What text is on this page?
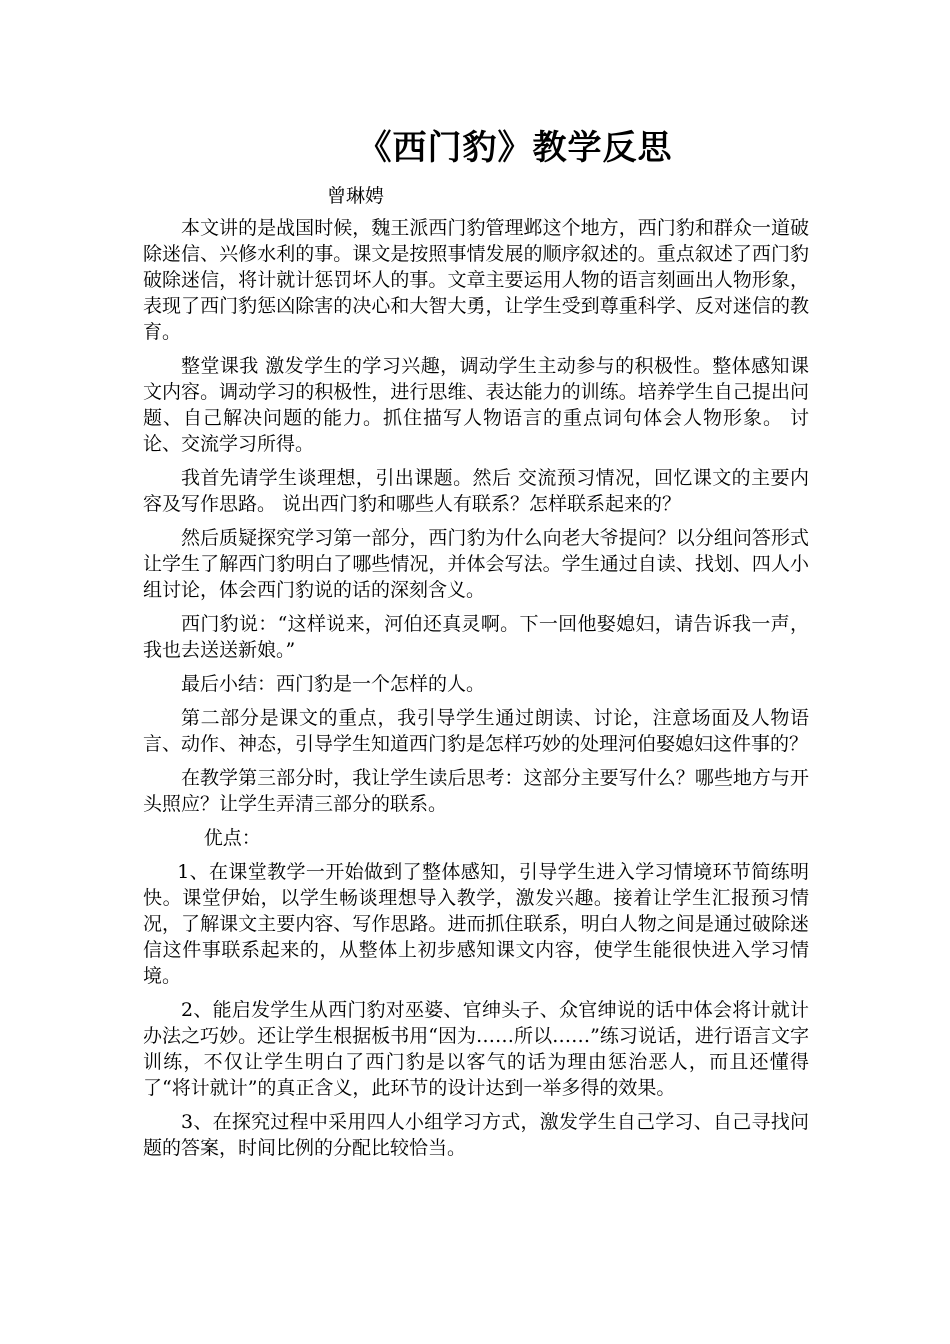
《西门豹》教学反思
曾琳娉

本文讲的是战国时候，魏王派西门豹管理邺这个地方，西门豹和群众一道破除迷信、兴修水利的事。课文是按照事情发展的顺序叙述的。重点叙述了西门豹破除迷信，将计就计惩罚坏人的事。文章主要运用人物的语言刻画出人物形象，表现了西门豹惩凶除害的决心和大智大勇，让学生受到尊重科学、反对迷信的教育。

整堂课我 激发学生的学习兴趣，调动学生主动参与的积极性。整体感知课文内容。调动学习的积极性，进行思维、表达能力的训练。培养学生自己提出问题、自己解决问题的能力。抓住描写人物语言的重点词句体会人物形象。 讨论、交流学习所得。

我首先请学生谈理想，引出课题。然后 交流预习情况，回忆课文的主要内容及写作思路。 说出西门豹和哪些人有联系？怎样联系起来的？

然后质疑探究学习第一部分，西门豹为什么向老大爷提问？以分组问答形式让学生了解西门豹明白了哪些情况，并体会写法。学生通过自读、找划、四人小组讨论，体会西门豹说的话的深刻含义。

西门豹说：“这样说来，河伯还真灵啊。下一回他娶媳妇，请告诉我一声，我也去送送新娘。”

最后小结：西门豹是一个怎样的人。

第二部分是课文的重点，我引导学生通过朗读、讨论，注意场面及人物语言、动作、神态，引导学生知道西门豹是怎样巧妙的处理河伯娶媳妇这件事的？

在教学第三部分时，我让学生读后思考：这部分主要写什么？哪些地方与开头照应？让学生弄清三部分的联系。

优点：

1、在课堂教学一开始做到了整体感知，引导学生进入学习情境环节简练明快。课堂伊始，以学生畅谈理想导入教学，激发兴趣。接着让学生汇报预习情况，了解课文主要内容、写作思路。进而抓住联系，明白人物之间是通过破除迷信这件事联系起来的，从整体上初步感知课文内容，使学生能很快进入学习情境。

2、能启发学生从西门豹对巫婆、官绅头子、众官绅说的话中体会将计就计办法之巧妙。还让学生根据板书用“因为……所以……”练习说话，进行语言文字训练，不仅让学生明白了西门豹是以客气的话为理由惩治恶人，而且还懂得了“将计就计”的真正含义，此环节的设计达到一举多得的效果。

3、在探究过程中采用四人小组学习方式，激发学生自己学习、自己寻找问题的答案，时间比例的分配比较恰当。
